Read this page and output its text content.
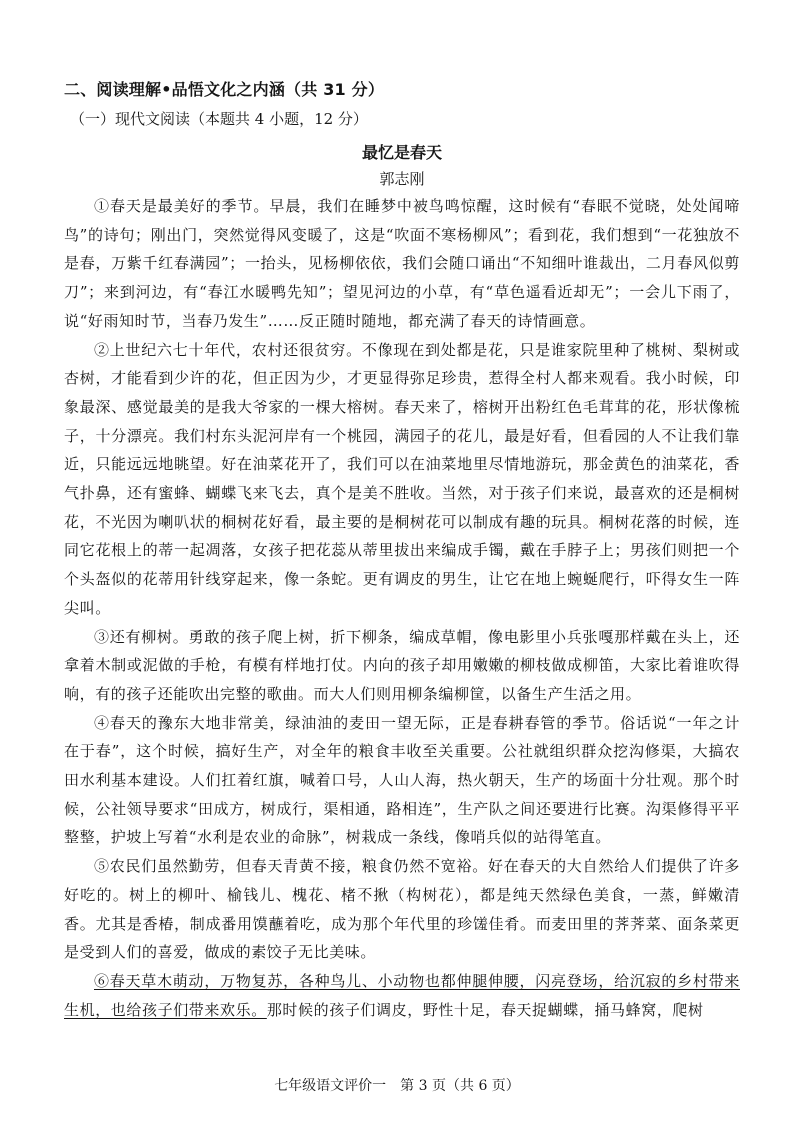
二、阅读理解•品悟文化之内涵（共 31 分）
（一）现代文阅读（本题共 4 小题，12 分）
最忆是春天
郭志刚

①春天是最美好的季节。早晨，我们在睡梦中被鸟鸣惊醒，这时候有“春眠不觉晓，处处闻啼鸟”的诗句；刚出门，突然觉得风变暖了，这是“吹面不寒杨柳风”；看到花，我们想到“一花独放不是春，万紫千红春满园”；一抬头，见杨柳依依，我们会随口诵出“不知细叶谁裁出，二月春风似剪刀”；来到河边，有“春江水暖鸭先知”；望见河边的小草，有“草色遥看近却无”；一会儿下雨了，说“好雨知时节，当春乃发生”……反正随时随地，都充满了春天的诗情画意。

②上世纪六七十年代，农村还很贫穷。不像现在到处都是花，只是谁家院里种了桃树、梨树或杏树，才能看到少许的花，但正因为少，才更显得弥足珍贵，惹得全村人都来观看。我小时候，印象最深、感觉最美的是我大爷家的一棵大榕树。春天来了，榕树开出粉红色毛茸茸的花，形状像梳子，十分漂亮。我们村东头泥河岸有一个桃园，满园子的花儿，最是好看，但看园的人不让我们靠近，只能远远地眺望。好在油菜花开了，我们可以在油菜地里尽情地游玩，那金黄色的油菜花，香气扑鼻，还有蜜蜂、蝴蝶飞来飞去，真个是美不胜收。当然，对于孩子们来说，最喜欢的还是桐树花，不光因为喇叭状的桐树花好看，最主要的是桐树花可以制成有趣的玩具。桐树花落的时候，连同它花根上的蒂一起凋落，女孩子把花蕊从蒂里拔出来编成手镯，戴在手脖子上；男孩们则把一个个头盔似的花蒂用针线穿起来，像一条蛇。更有调皮的男生，让它在地上蜿蜒爬行，吓得女生一阵尖叫。

③还有柳树。勇敢的孩子爬上树，折下柳条，编成草帽，像电影里小兵张嘎那样戴在头上，还拿着木制或泥做的手枪，有模有样地打仗。内向的孩子却用嫩嫩的柳枝做成柳笛，大家比着谁吹得响，有的孩子还能吹出完整的歌曲。而大人们则用柳条编柳筐，以备生产生活之用。

④春天的豫东大地非常美，绿油油的麦田一望无际，正是春耕春管的季节。俗话说“一年之计在于春”，这个时候，搞好生产，对全年的粮食丰收至关重要。公社就组织群众挖沟修渠，大搞农田水利基本建设。人们扛着红旗，喊着口号，人山人海，热火朝天，生产的场面十分壮观。那个时候，公社领导要求“田成方，树成行，渠相通，路相连”，生产队之间还要进行比赛。沟渠修得平平整整，护坡上写着“水利是农业的命脉”，树栽成一条线，像哨兵似的站得笔直。

⑤农民们虽然勤劳，但春天青黄不接，粮食仍然不宽裕。好在春天的大自然给人们提供了许多好吃的。树上的柳叶、榆钱儿、槐花、楮不揪（构树花），都是纯天然绿色美食，一蒸，鲜嫩清香。尤其是香椿，制成番用馍蘸着吃，成为那个年代里的珍馐佳肴。而麦田里的荠荠菜、面条菜更是受到人们的喜爱，做成的素饺子无比美味。

⑥春天草木萌动，万物复苏，各种鸟儿、小动物也都伸腿伸腰，闪亮登场，给沉寂的乡村带来生机，也给孩子们带来欢乐。那时候的孩子们调皮，野性十足，春天捉蝴蝶，捅马蜂窝，爬树

七年级语文评价一　第 3 页（共 6 页）
